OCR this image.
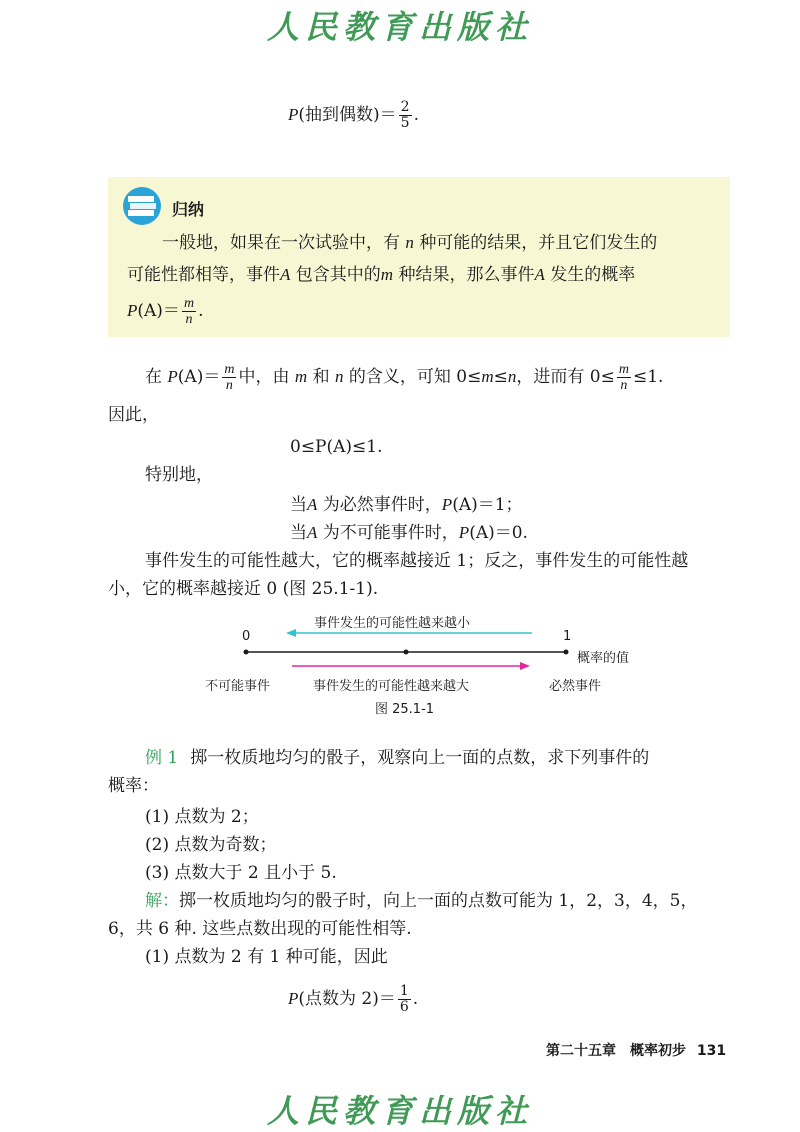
人民教育出版社
P(抽到偶数)＝ $\frac{2}{5}$ .
归纳
一般地，如果在一次试验中，有 n 种可能的结果，并且它们发生的
可能性都相等，事件A 包含其中的m 种结果，那么事件A 发生的概率
$P(A)= \frac{m}{n}$ .
在 $P(A)= \frac{m}{n}$ 中，由 m 和 n 的含义，可知 0≤m≤n，进而有 $0\le \frac{m}{n} \le 1$.
因此，
0≤P(A)≤1.
特别地，
当A 为必然事件时，P(A)＝1；
当A 为不可能事件时，P(A)＝0.
事件发生的可能性越大，它的概率越接近 1；反之，事件发生的可能性越
小，它的概率越接近 0 (图 25.1-1).
事件发生的可能性越来越小
0	1
概率的值
不可能事件	事件发生的可能性越来越大	必然事件
图 25.1-1
例 1 掷一枚质地均匀的骰子，观察向上一面的点数，求下列事件的
概率：
(1) 点数为 2；
(2) 点数为奇数；
(3) 点数大于 2 且小于 5.
解：掷一枚质地均匀的骰子时，向上一面的点数可能为 1，2，3，4，5，
6，共 6 种. 这些点数出现的可能性相等.
(1) 点数为 2 有 1 种可能，因此
P(点数为 $2)= \frac{1}{6}$ .
第二十五章　概率初步 131
人民教育出版社
